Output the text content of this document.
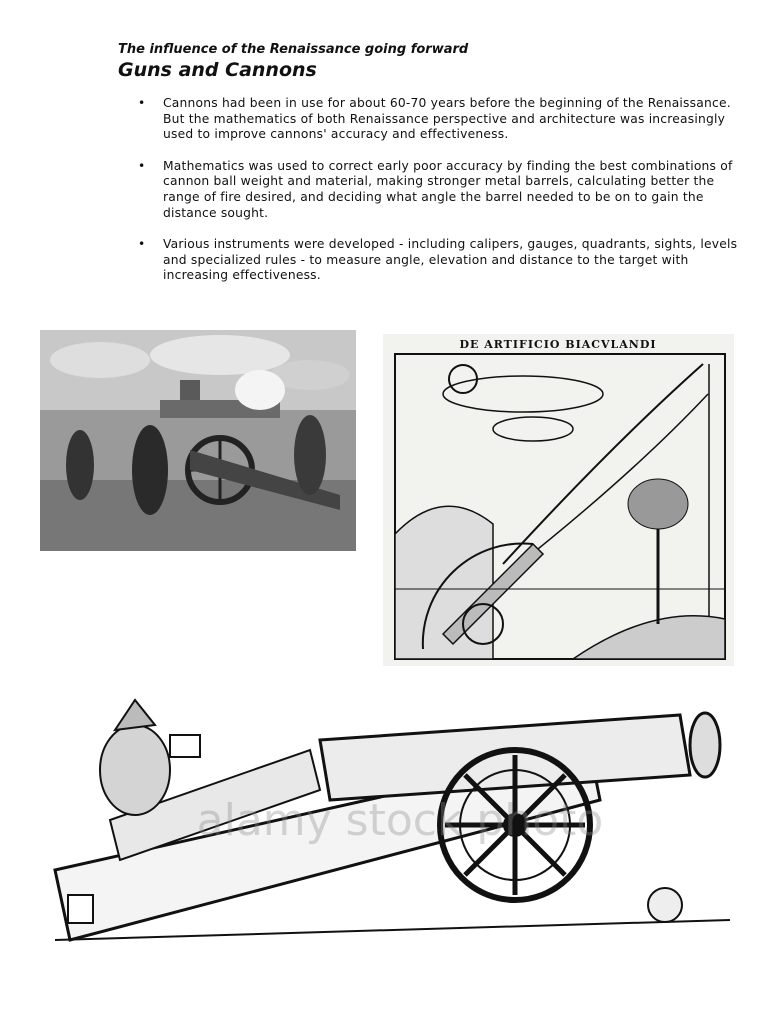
The influence of the Renaissance going forward
Guns and Cannons
• Cannons had been in use for about 60-70 years before the beginning of the Renaissance. But the mathematics of both Renaissance perspective and architecture was increasingly used to improve cannons' accuracy and effectiveness.
• Mathematics was used to correct early poor accuracy by finding the best combinations of cannon ball weight and material, making stronger metal barrels, calculating better the range of fire desired, and deciding what angle the barrel needed to be on to gain the distance sought.
• Various instruments were developed - including calipers, gauges, quadrants, sights, levels and specialized rules - to measure angle, elevation and distance to the target with increasing effectiveness.
DE ARTIFICIO BIACVLANDI
alamy stock photo
